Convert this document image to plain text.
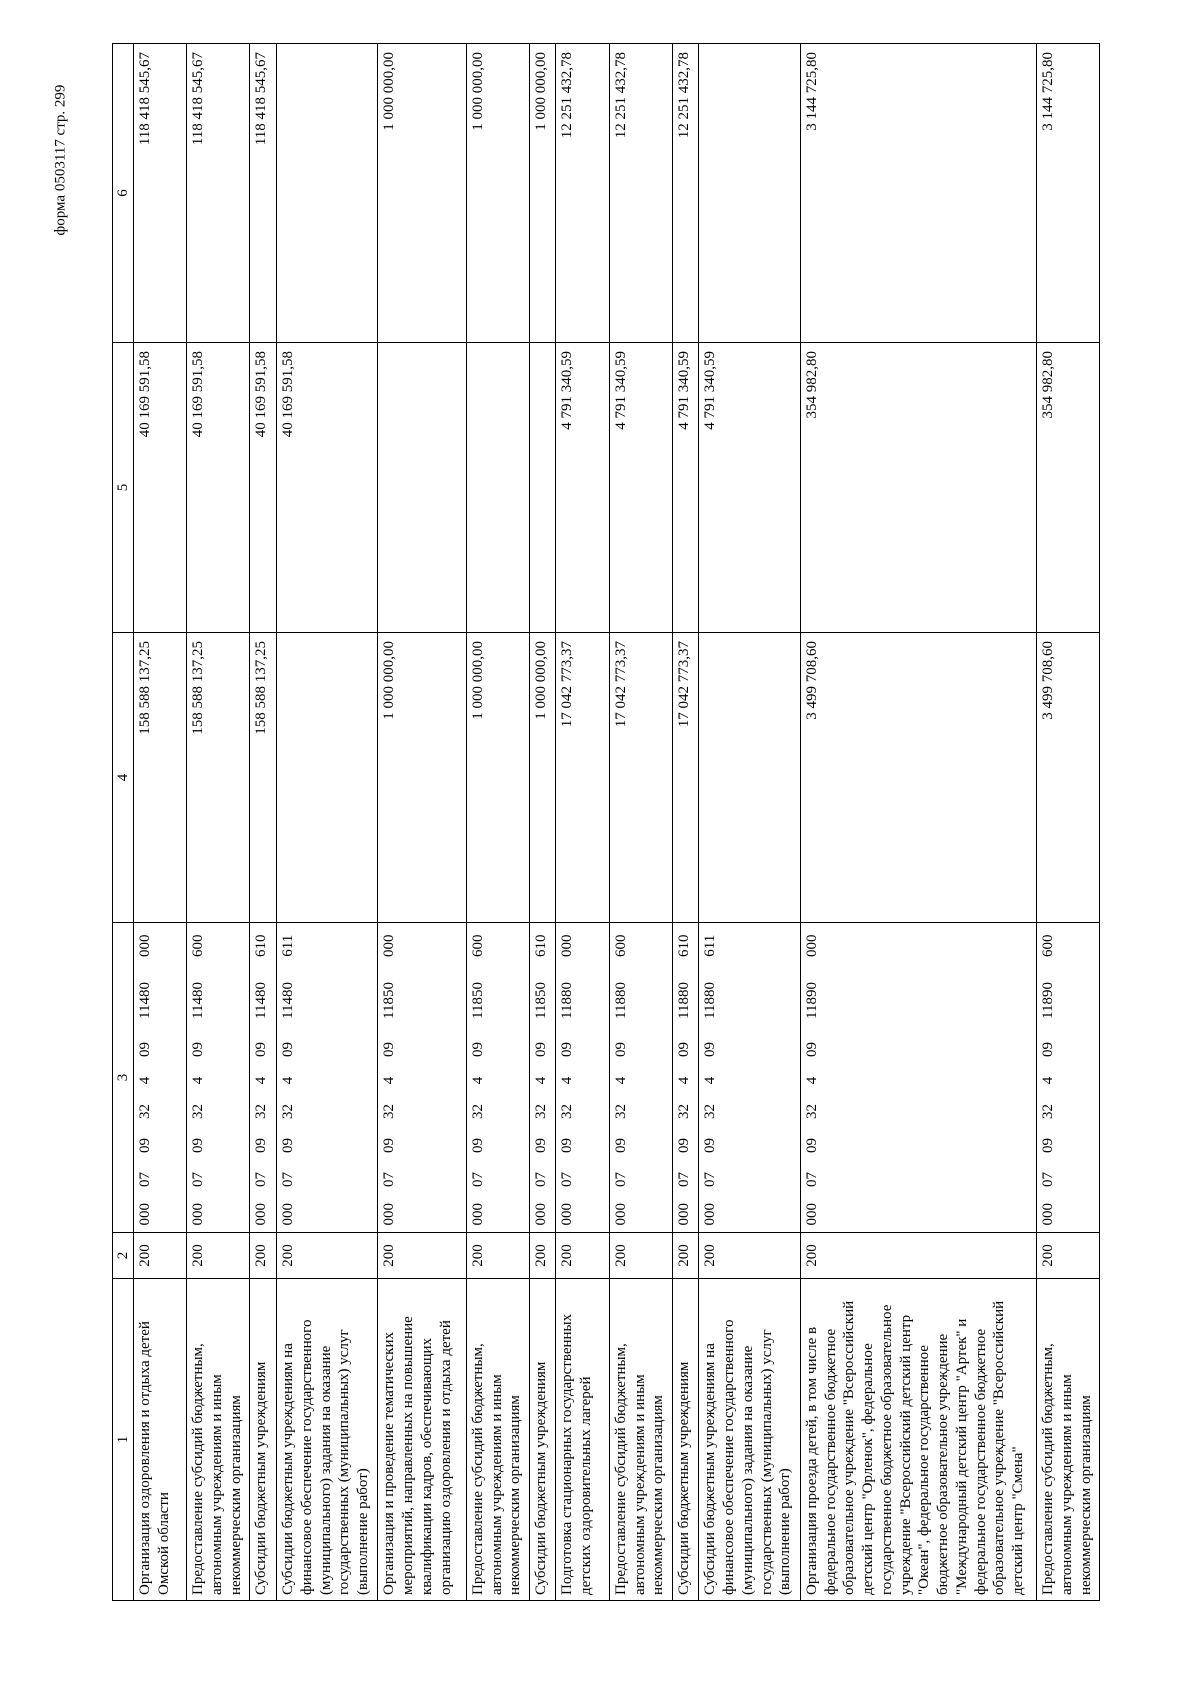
форма 0503117 стр. 299
1	2	3								4	5	6
Организация оздоровления и отдыха детей Омской области	200	000	07	09	32	4	09	11480	000	158 588 137,25	40 169 591,58	118 418 545,67
Предоставление субсидий бюджетным, автономным учреждениям и иным некоммерческим организациям	200	000	07	09	32	4	09	11480	600	158 588 137,25	40 169 591,58	118 418 545,67
Субсидии бюджетным учреждениям	200	000	07	09	32	4	09	11480	610	158 588 137,25	40 169 591,58	118 418 545,67
Субсидии бюджетным учреждениям на финансовое обеспечение государственного (муниципального) задания на оказание государственных (муниципальных) услуг (выполнение работ)	200	000	07	09	32	4	09	11480	611		40 169 591,58	
Организация и проведение тематических мероприятий, направленных на повышение квалификации кадров, обеспечивающих организацию оздоровления и отдыха детей	200	000	07	09	32	4	09	11850	000	1 000 000,00		1 000 000,00
Предоставление субсидий бюджетным, автономным учреждениям и иным некоммерческим организациям	200	000	07	09	32	4	09	11850	600	1 000 000,00		1 000 000,00
Субсидии бюджетным учреждениям	200	000	07	09	32	4	09	11850	610	1 000 000,00		1 000 000,00
Подготовка стационарных государственных детских оздоровительных лагерей	200	000	07	09	32	4	09	11880	000	17 042 773,37	4 791 340,59	12 251 432,78
Предоставление субсидий бюджетным, автономным учреждениям и иным некоммерческим организациям	200	000	07	09	32	4	09	11880	600	17 042 773,37	4 791 340,59	12 251 432,78
Субсидии бюджетным учреждениям	200	000	07	09	32	4	09	11880	610	17 042 773,37	4 791 340,59	12 251 432,78
Субсидии бюджетным учреждениям на финансовое обеспечение государственного (муниципального) задания на оказание государственных (муниципальных) услуг (выполнение работ)	200	000	07	09	32	4	09	11880	611		4 791 340,59	
Организация проезда детей, в том числе в федеральное государственное бюджетное образовательное учреждение "Всероссийский детский центр "Орленок", федеральное государственное бюджетное образовательное учреждение "Всероссийский детский центр "Океан", федеральное государственное бюджетное образовательное учреждение "Международный детский центр "Артек" и федеральное государственное бюджетное образовательное учреждение "Всероссийский детский центр "Смена"	200	000	07	09	32	4	09	11890	000	3 499 708,60	354 982,80	3 144 725,80
Предоставление субсидий бюджетным, автономным учреждениям и иным некоммерческим организациям	200	000	07	09	32	4	09	11890	600	3 499 708,60	354 982,80	3 144 725,80
